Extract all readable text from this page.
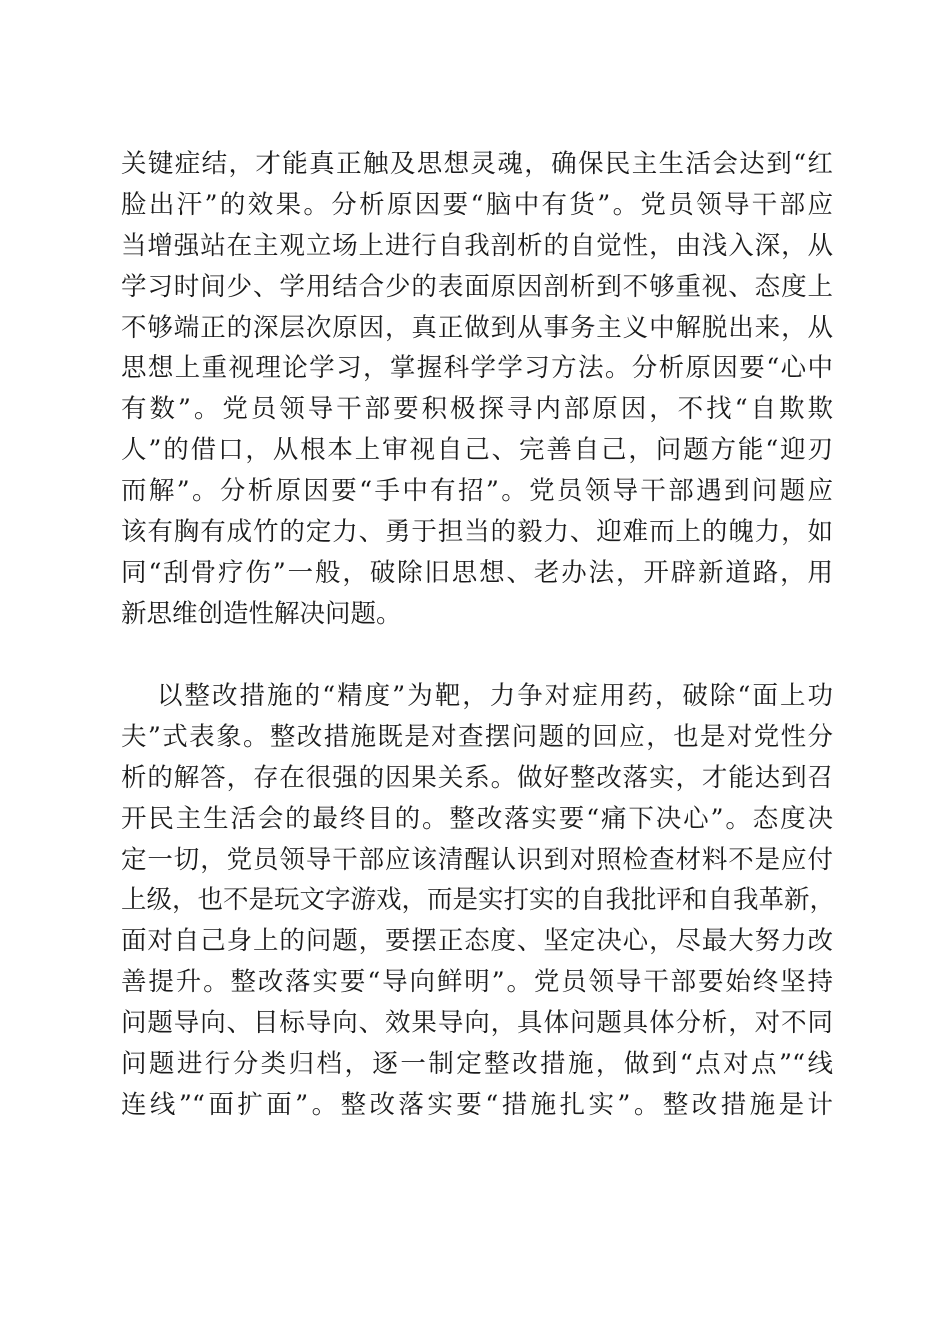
关键症结，才能真正触及思想灵魂，确保民主生活会达到“红
脸出汗”的效果。分析原因要“脑中有货”。党员领导干部应
当增强站在主观立场上进行自我剖析的自觉性，由浅入深，从
学习时间少、学用结合少的表面原因剖析到不够重视、态度上
不够端正的深层次原因，真正做到从事务主义中解脱出来，从
思想上重视理论学习，掌握科学学习方法。分析原因要“心中
有数”。党员领导干部要积极探寻内部原因，不找“自欺欺
人”的借口，从根本上审视自己、完善自己，问题方能“迎刃
而解”。分析原因要“手中有招”。党员领导干部遇到问题应
该有胸有成竹的定力、勇于担当的毅力、迎难而上的魄力，如
同“刮骨疗伤”一般，破除旧思想、老办法，开辟新道路，用
新思维创造性解决问题。
以整改措施的“精度”为靶，力争对症用药，破除“面上功
夫”式表象。整改措施既是对查摆问题的回应，也是对党性分
析的解答，存在很强的因果关系。做好整改落实，才能达到召
开民主生活会的最终目的。整改落实要“痛下决心”。态度决
定一切，党员领导干部应该清醒认识到对照检查材料不是应付
上级，也不是玩文字游戏，而是实打实的自我批评和自我革新，
面对自己身上的问题，要摆正态度、坚定决心，尽最大努力改
善提升。整改落实要“导向鲜明”。党员领导干部要始终坚持
问题导向、目标导向、效果导向，具体问题具体分析，对不同
问题进行分类归档，逐一制定整改措施，做到“点对点”“线
连线”“面扩面”。整改落实要“措施扎实”。整改措施是计
